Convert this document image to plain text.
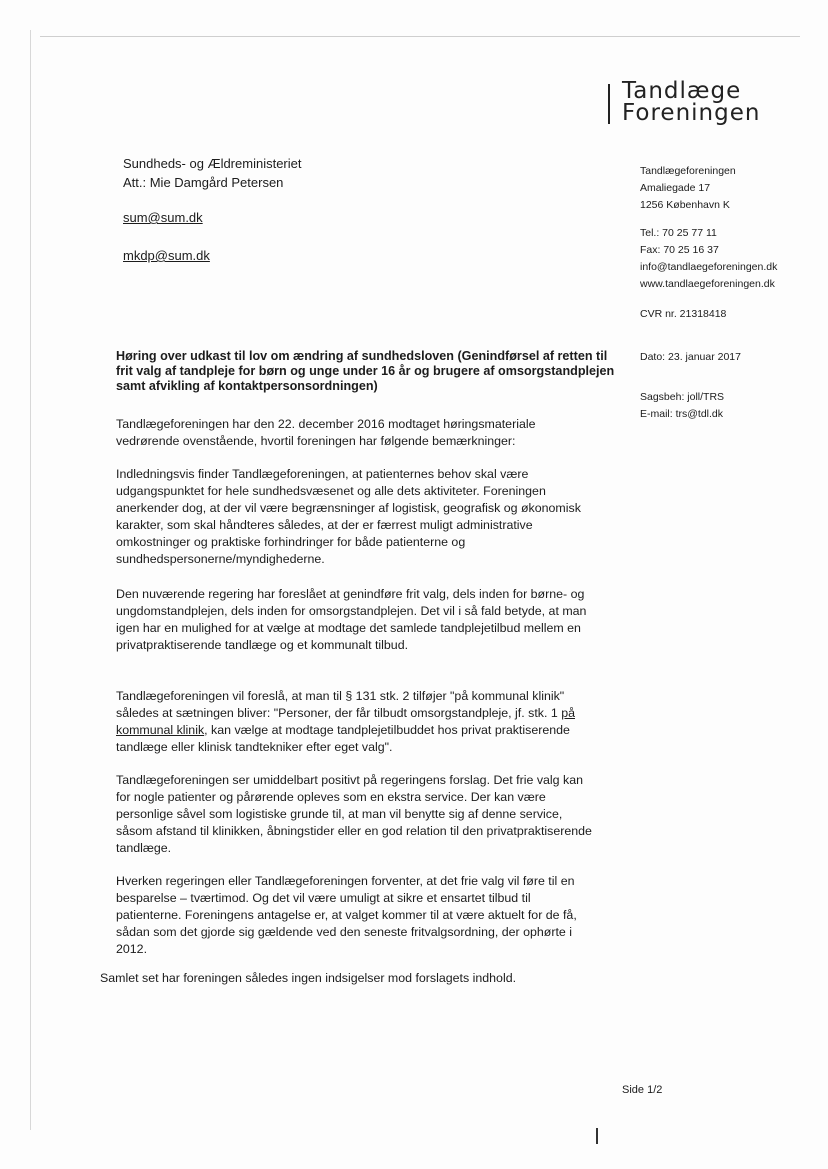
Tandlæge
Foreningen
Sundheds- og Ældreministeriet
Att.: Mie Damgård Petersen
sum@sum.dk
mkdp@sum.dk
Tandlægeforeningen
Amaliegade 17
1256 København K
Tel.: 70 25 77 11
Fax: 70 25 16 37
info@tandlaegeforeningen.dk
www.tandlaegeforeningen.dk
CVR nr. 21318418
Dato: 23. januar 2017
Sagsbeh: joll/TRS
E-mail: trs@tdl.dk
Høring over udkast til lov om ændring af sundhedsloven (Genindførsel af retten til frit valg af tandpleje for børn og unge under 16 år og brugere af omsorgstandplejen samt afvikling af kontaktpersonsordningen)
Tandlægeforeningen har den 22. december 2016 modtaget høringsmateriale vedrørende ovenstående, hvortil foreningen har følgende bemærkninger:
Indledningsvis finder Tandlægeforeningen, at patienternes behov skal være udgangspunktet for hele sundhedsvæsenet og alle dets aktiviteter. Foreningen anerkender dog, at der vil være begrænsninger af logistisk, geografisk og økonomisk karakter, som skal håndteres således, at der er færrest muligt administrative omkostninger og praktiske forhindringer for både patienterne og sundhedspersonerne/myndighederne.
Den nuværende regering har foreslået at genindføre frit valg, dels inden for børne- og ungdomstandplejen, dels inden for omsorgstandplejen. Det vil i så fald betyde, at man igen har en mulighed for at vælge at modtage det samlede tandplejetilbud mellem en privatpraktiserende tandlæge og et kommunalt tilbud.
Tandlægeforeningen vil foreslå, at man til § 131 stk. 2 tilføjer "på kommunal klinik" således at sætningen bliver: "Personer, der får tilbudt omsorgstandpleje, jf. stk. 1 på kommunal klinik, kan vælge at modtage tandplejetilbuddet hos privat praktiserende tandlæge eller klinisk tandtekniker efter eget valg".
Tandlægeforeningen ser umiddelbart positivt på regeringens forslag. Det frie valg kan for nogle patienter og pårørende opleves som en ekstra service. Der kan være personlige såvel som logistiske grunde til, at man vil benytte sig af denne service, såsom afstand til klinikken, åbningstider eller en god relation til den privatpraktiserende tandlæge.
Hverken regeringen eller Tandlægeforeningen forventer, at det frie valg vil føre til en besparelse – tværtimod. Og det vil være umuligt at sikre et ensartet tilbud til patienterne. Foreningens antagelse er, at valget kommer til at være aktuelt for de få, sådan som det gjorde sig gældende ved den seneste fritvalgsordning, der ophørte i 2012.
Samlet set har foreningen således ingen indsigelser mod forslagets indhold.
Side 1/2
